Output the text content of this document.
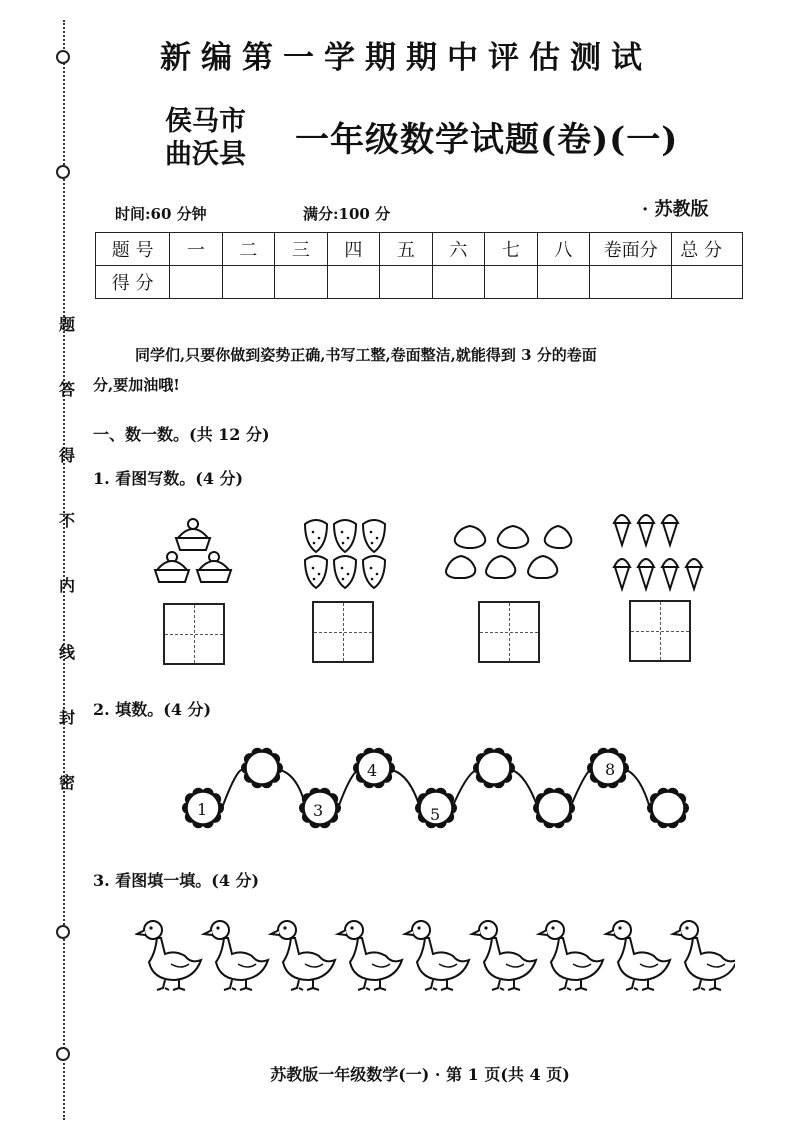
题
答
得
不
内
线
封
密
新编第一学期期中评估测试
侯马市
曲沃县 一年级数学试题(卷)(一)
时间:60 分钟	满分:100 分	· 苏教版
题 号	一	二	三	四	五	六	七	八	卷面分	总 分
得 分										
同学们,只要你做到姿势正确,书写工整,卷面整洁,就能得到 3 分的卷面
分,要加油哦!
一、数一数。(共 12 分)
1. 看图写数。(4 分)
2. 填数。(4 分)
1	3
4
5
8
3. 看图填一填。(4 分)
苏教版一年级数学(一) · 第 1 页(共 4 页)
